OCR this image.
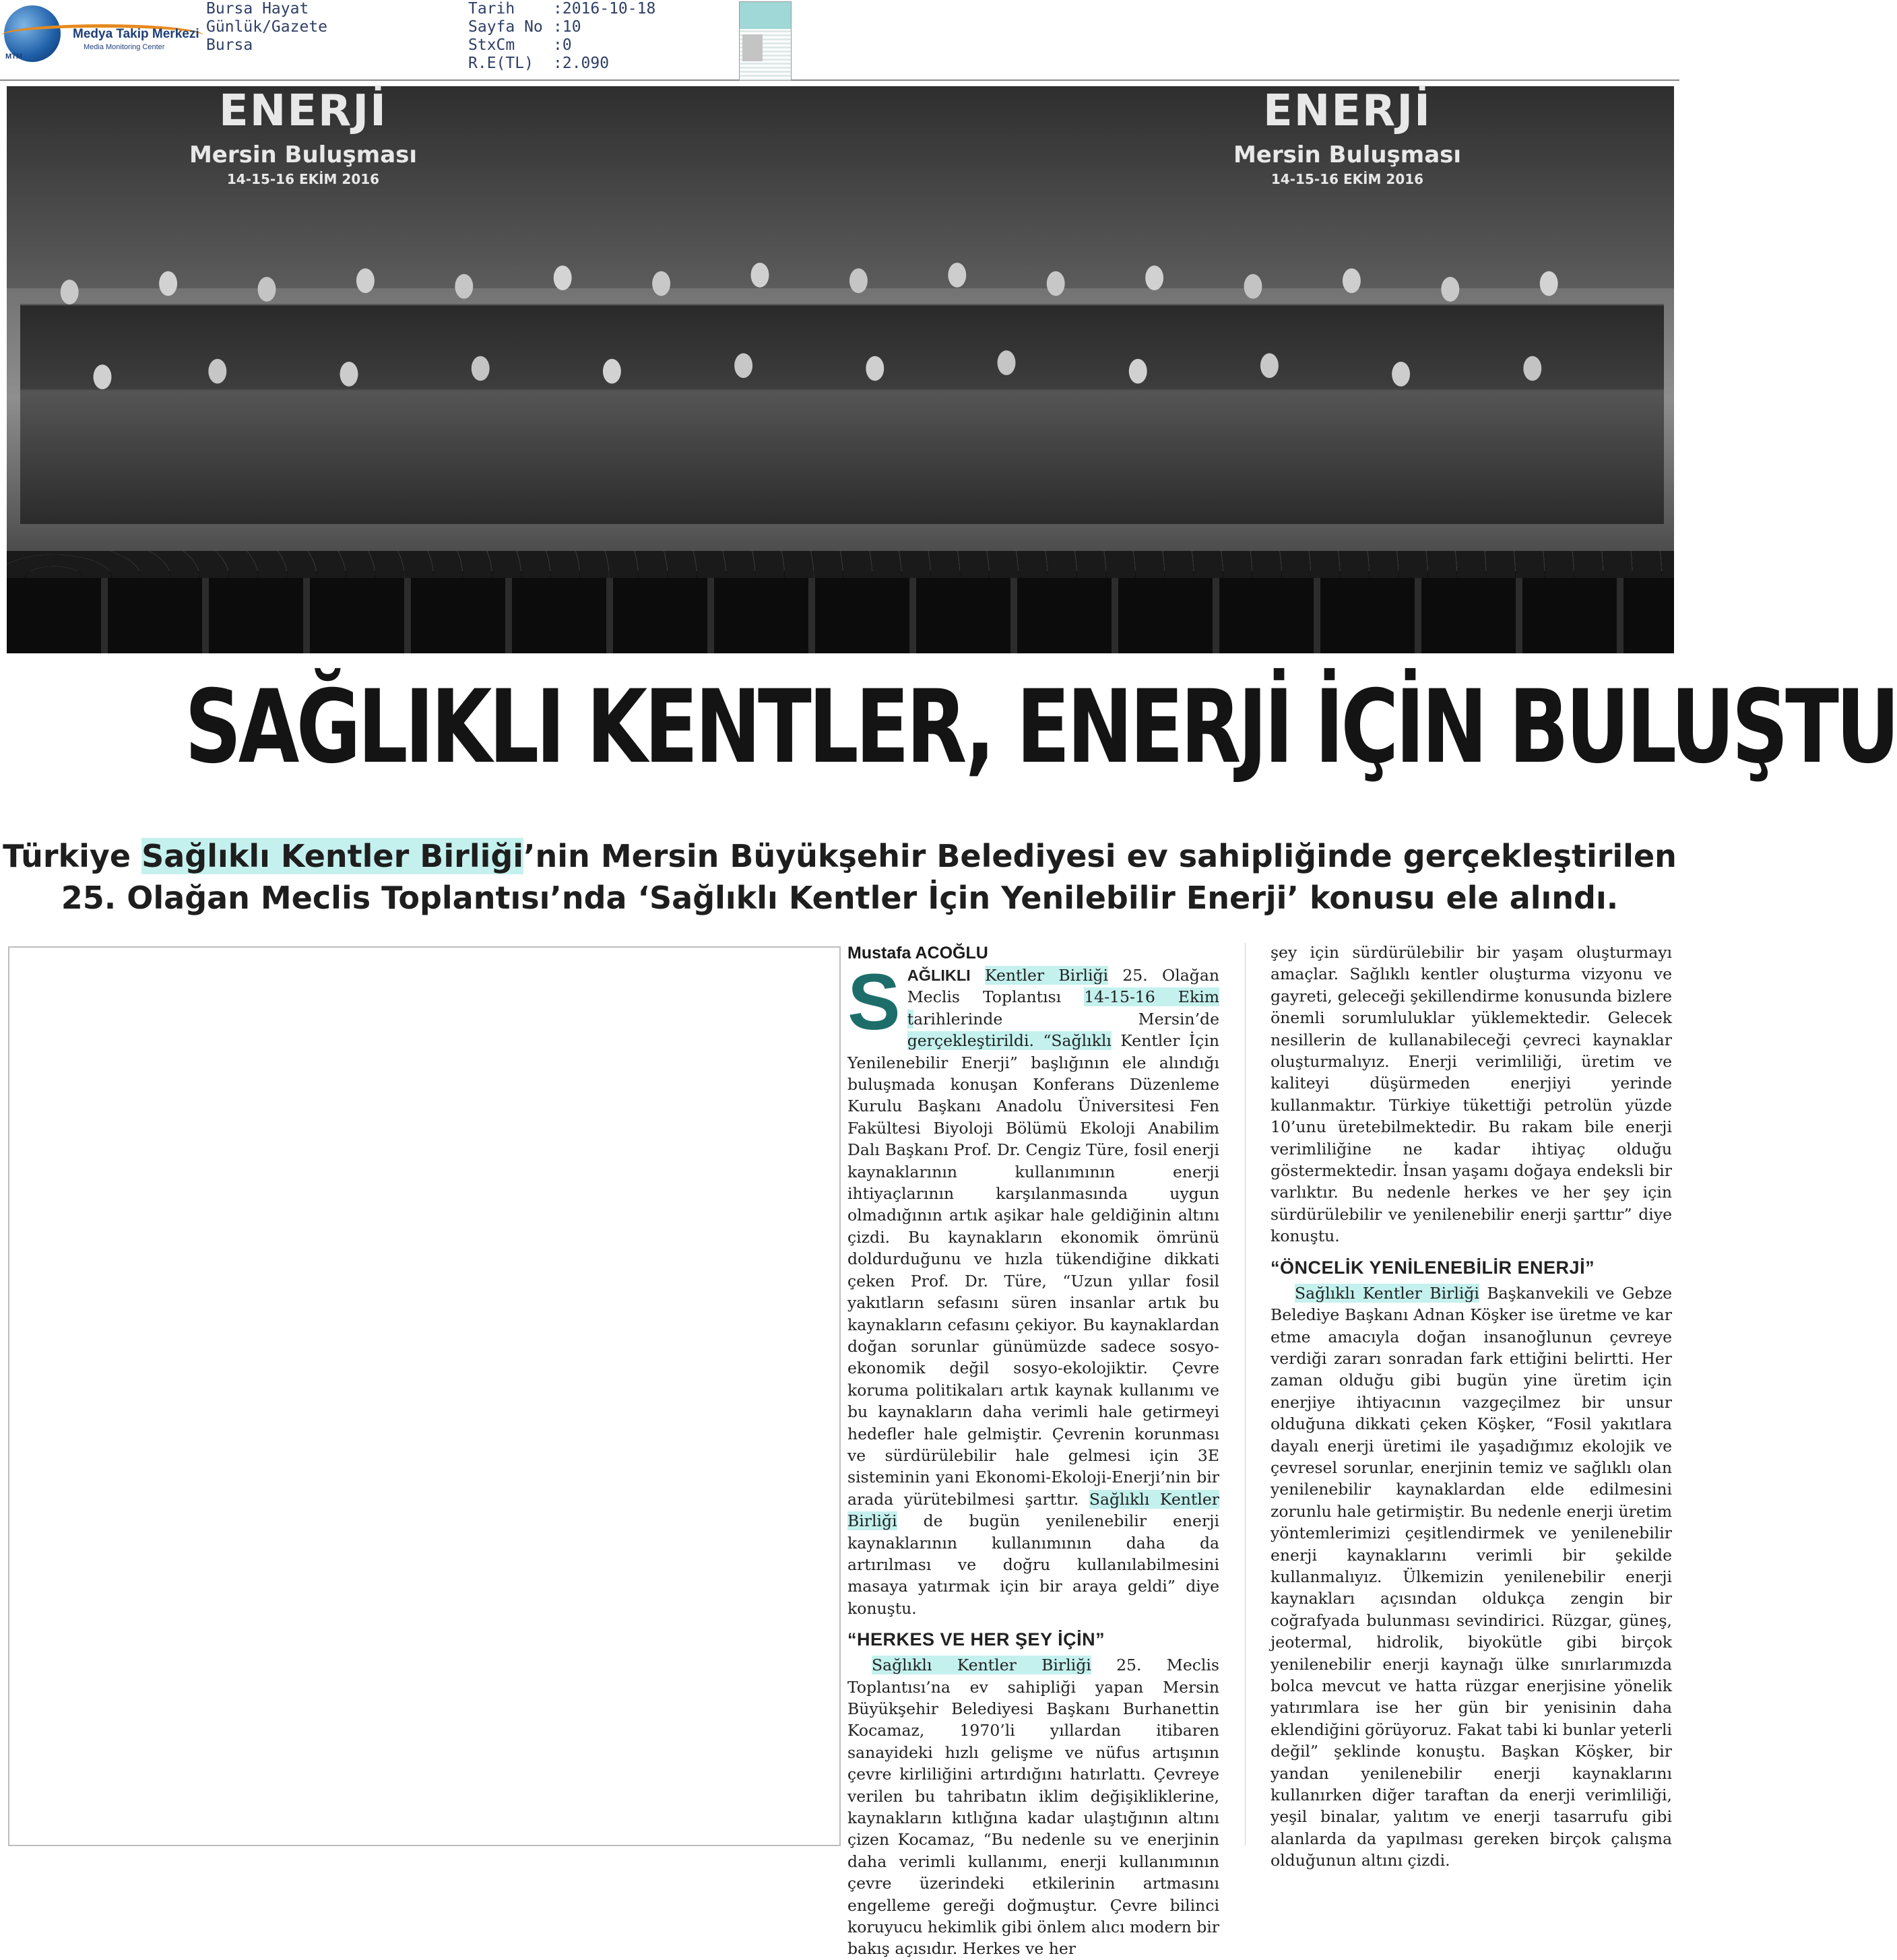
Medya Takip Merkezi
Media Monitoring Center
MTM
Bursa Hayat
Günlük/Gazete
Bursa
Tarih :2016-10-18
Sayfa No :10
StxCm :0
R.E(TL) :2.090
ENERJİ
Mersin Buluşması
14-15-16 EKİM 2016
ENERJİ
Mersin Buluşması
14-15-16 EKİM 2016
SAĞLIKLI KENTLER, ENERJİ İÇİN BULUŞTU
Türkiye Sağlıklı Kentler Birliği’nin Mersin Büyükşehir Belediyesi ev sahipliğinde gerçekleştirilen 25. Olağan Meclis Toplantısı’nda ‘Sağlıklı Kentler İçin Yenilebilir Enerji’ konusu ele alındı.
Mustafa ACOĞLU
SAĞLIKLI Kentler Birliği 25. Olağan Meclis Toplantısı 14-15-16 Ekim tarihlerinde Mersin’de gerçekleştirildi. “Sağlıklı Kentler İçin Yenilenebilir Enerji” başlığının ele alındığı buluşmada konuşan Konferans Düzenleme Kurulu Başkanı Anadolu Üniversitesi Fen Fakültesi Biyoloji Bölümü Ekoloji Anabilim Dalı Başkanı Prof. Dr. Cengiz Türe, fosil enerji kaynaklarının kullanımının enerji ihtiyaçlarının karşılanmasında uygun olmadığının artık aşikar hale geldiğinin altını çizdi. Bu kaynakların ekonomik ömrünü doldurduğunu ve hızla tükendiğine dikkati çeken Prof. Dr. Türe, “Uzun yıllar fosil yakıtların sefasını süren insanlar artık bu kaynakların cefasını çekiyor. Bu kaynaklardan doğan sorunlar günümüzde sadece sosyo-ekonomik değil sosyo-ekolojiktir. Çevre koruma politikaları artık kaynak kullanımı ve bu kaynakların daha verimli hale getirmeyi hedefler hale gelmiştir. Çevrenin korunması ve sürdürülebilir hale gelmesi için 3E sisteminin yani Ekonomi-Ekoloji-Enerji’nin bir arada yürütebilmesi şarttır. Sağlıklı Kentler Birliği de bugün yenilenebilir enerji kaynaklarının kullanımının daha da artırılması ve doğru kullanılabilmesini masaya yatırmak için bir araya geldi” diye konuştu.
“HERKES VE HER ŞEY İÇİN”
Sağlıklı Kentler Birliği 25. Meclis Toplantısı’na ev sahipliği yapan Mersin Büyükşehir Belediyesi Başkanı Burhanettin Kocamaz, 1970’li yıllardan itibaren sanayideki hızlı gelişme ve nüfus artışının çevre kirliliğini artırdığını hatırlattı. Çevreye verilen bu tahribatın iklim değişikliklerine, kaynakların kıtlığına kadar ulaştığının altını çizen Kocamaz, “Bu nedenle su ve enerjinin daha verimli kullanımı, enerji kullanımının çevre üzerindeki etkilerinin artmasını engelleme gereği doğmuştur. Çevre bilinci koruyucu hekimlik gibi önlem alıcı modern bir bakış açısıdır. Herkes ve her
şey için sürdürülebilir bir yaşam oluşturmayı amaçlar. Sağlıklı kentler oluşturma vizyonu ve gayreti, geleceği şekillendirme konusunda bizlere önemli sorumluluklar yüklemektedir. Gelecek nesillerin de kullanabileceği çevreci kaynaklar oluşturmalıyız. Enerji verimliliği, üretim ve kaliteyi düşürmeden enerjiyi yerinde kullanmaktır. Türkiye tükettiği petrolün yüzde 10’unu üretebilmektedir. Bu rakam bile enerji verimliliğine ne kadar ihtiyaç olduğu göstermektedir. İnsan yaşamı doğaya endeksli bir varlıktır. Bu nedenle herkes ve her şey için sürdürülebilir ve yenilenebilir enerji şarttır” diye konuştu.
“ÖNCELİK YENİLENEBİLİR ENERJİ”
Sağlıklı Kentler Birliği Başkanvekili ve Gebze Belediye Başkanı Adnan Köşker ise üretme ve kar etme amacıyla doğan insanoğlunun çevreye verdiği zararı sonradan fark ettiğini belirtti. Her zaman olduğu gibi bugün yine üretim için enerjiye ihtiyacının vazgeçilmez bir unsur olduğuna dikkati çeken Köşker, “Fosil yakıtlara dayalı enerji üretimi ile yaşadığımız ekolojik ve çevresel sorunlar, enerjinin temiz ve sağlıklı olan yenilenebilir kaynaklardan elde edilmesini zorunlu hale getirmiştir. Bu nedenle enerji üretim yöntemlerimizi çeşitlendirmek ve yenilenebilir enerji kaynaklarını verimli bir şekilde kullanmalıyız. Ülkemizin yenilenebilir enerji kaynakları açısından oldukça zengin bir coğrafyada bulunması sevindirici. Rüzgar, güneş, jeotermal, hidrolik, biyokütle gibi birçok yenilenebilir enerji kaynağı ülke sınırlarımızda bolca mevcut ve hatta rüzgar enerjisine yönelik yatırımlara ise her gün bir yenisinin daha eklendiğini görüyoruz. Fakat tabi ki bunlar yeterli değil” şeklinde konuştu. Başkan Köşker, bir yandan yenilenebilir enerji kaynaklarını kullanırken diğer taraftan da enerji verimliliği, yeşil binalar, yalıtım ve enerji tasarrufu gibi alanlarda da yapılması gereken birçok çalışma olduğunun altını çizdi.
